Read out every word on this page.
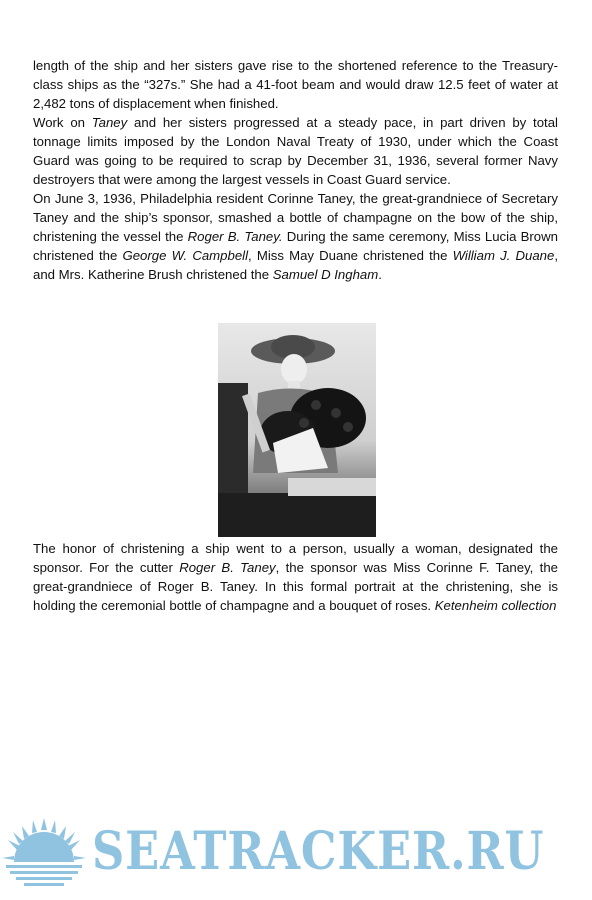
length of the ship and her sisters gave rise to the shortened reference to the Treasury-class ships as the “327s.” She had a 41-foot beam and would draw 12.5 feet of water at 2,482 tons of displacement when finished.

Work on Taney and her sisters progressed at a steady pace, in part driven by total tonnage limits imposed by the London Naval Treaty of 1930, under which the Coast Guard was going to be required to scrap by December 31, 1936, several former Navy destroyers that were among the largest vessels in Coast Guard service.

On June 3, 1936, Philadelphia resident Corinne Taney, the great-grandniece of Secretary Taney and the ship’s sponsor, smashed a bottle of champagne on the bow of the ship, christening the vessel the Roger B. Taney. During the same ceremony, Miss Lucia Brown christened the George W. Campbell, Miss May Duane christened the William J. Duane, and Mrs. Katherine Brush christened the Samuel D Ingham.

The honor of christening a ship went to a person, usually a woman, designated the sponsor. For the cutter Roger B. Taney, the sponsor was Miss Corinne F. Taney, the great-grandniece of Roger B. Taney. In this formal portrait at the christening, she is holding the ceremonial bottle of champagne and a bouquet of roses. Ketenheim collection

SEATRACKER.RU
